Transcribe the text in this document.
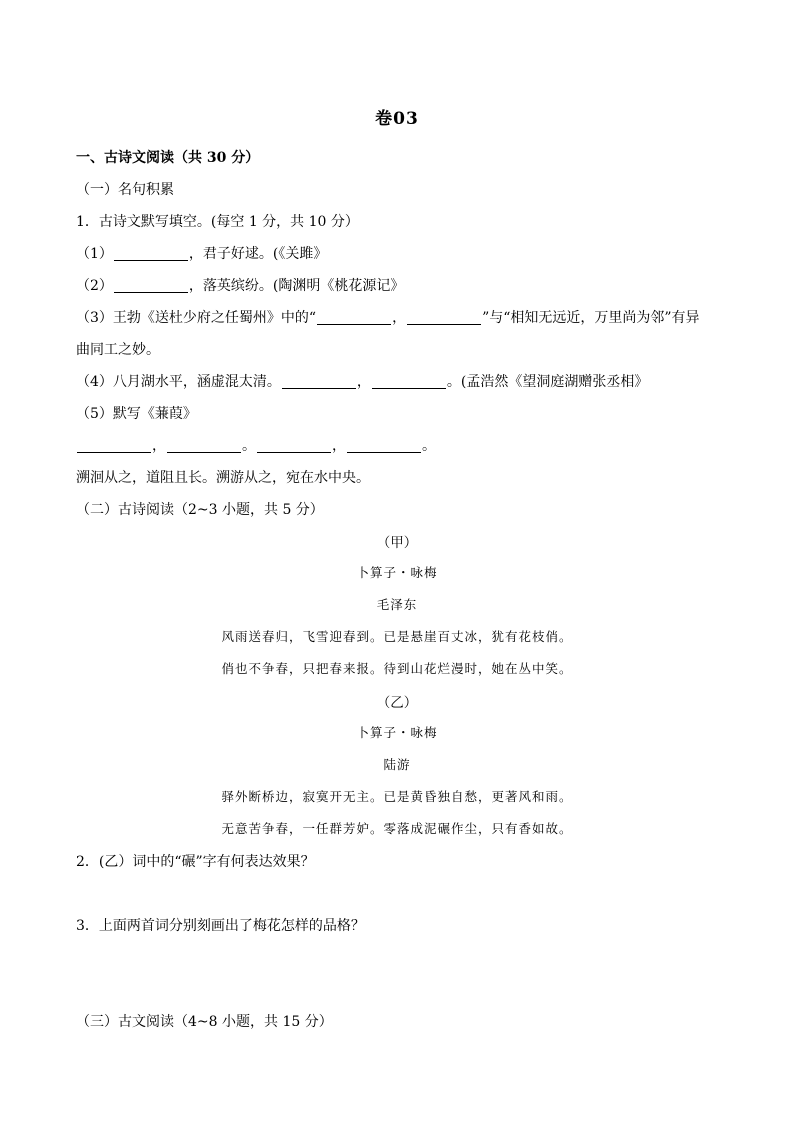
卷03
一、古诗文阅读（共 30 分）
（一）名句积累
1．古诗文默写填空。(每空 1 分，共 10 分）
（1）	，君子好逑。(《关雎》
（2）	，落英缤纷。(陶渊明《桃花源记》
（3）王勃《送杜少府之任蜀州》中的“	，	”与“相知无远近，万里尚为邻”有异
曲同工之妙。
（4）八月湖水平，涵虚混太清。	，	。(孟浩然《望洞庭湖赠张丞相》
（5）默写《蒹葭》
，	。	，	。
溯洄从之，道阻且长。溯游从之，宛在水中央。
（二）古诗阅读（2~3 小题，共 5 分）
（甲）
卜算子・咏梅
毛泽东
风雨送春归，飞雪迎春到。已是悬崖百丈冰，犹有花枝俏。
俏也不争春，只把春来报。待到山花烂漫时，她在丛中笑。
（乙）
卜算子・咏梅
陆游
驿外断桥边，寂寞开无主。已是黄昏独自愁，更著风和雨。
无意苦争春，一任群芳妒。零落成泥碾作尘，只有香如故。
2．(乙）词中的“碾”字有何表达效果？
3．上面两首词分别刻画出了梅花怎样的品格？
（三）古文阅读（4~8 小题，共 15 分）
